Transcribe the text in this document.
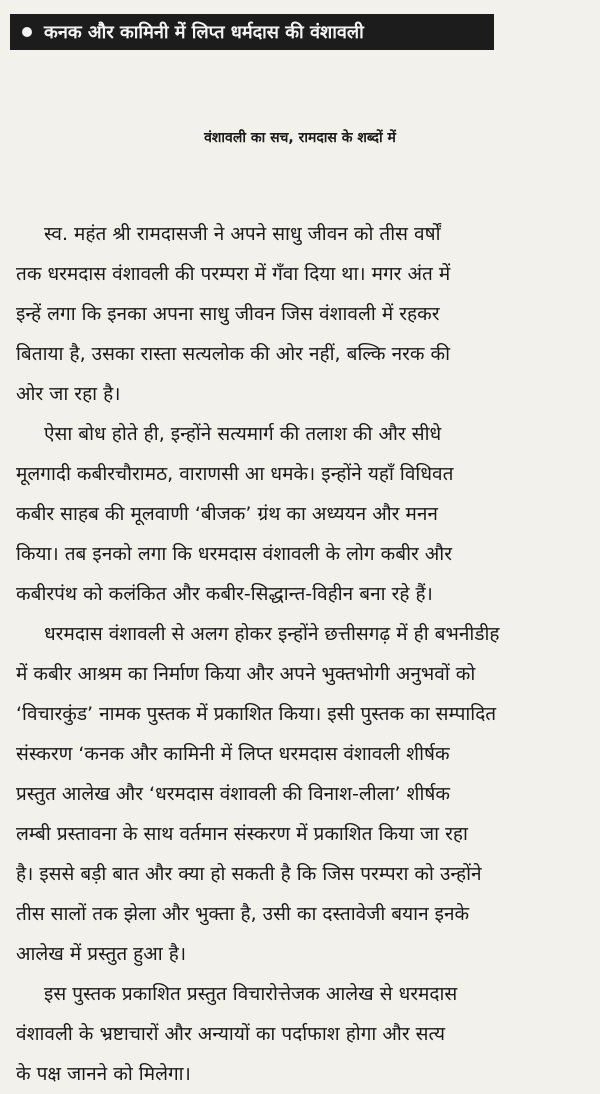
कनक और कामिनी में लिप्त धर्मदास की वंशावली
वंशावली का सच, रामदास के शब्दों में
स्व. महंत श्री रामदासजी ने अपने साधु जीवन को तीस वर्षों
तक धरमदास वंशावली की परम्परा में गँवा दिया था। मगर अंत में
इन्हें लगा कि इनका अपना साधु जीवन जिस वंशावली में रहकर
बिताया है, उसका रास्ता सत्यलोक की ओर नहीं, बल्कि नरक की
ओर जा रहा है।
ऐसा बोध होते ही, इन्होंने सत्यमार्ग की तलाश की और सीधे
मूलगादी कबीरचौरामठ, वाराणसी आ धमके। इन्होंने यहाँ विधिवत
कबीर साहब की मूलवाणी ‘बीजक’ ग्रंथ का अध्ययन और मनन
किया। तब इनको लगा कि धरमदास वंशावली के लोग कबीर और
कबीरपंथ को कलंकित और कबीर-सिद्धान्त-विहीन बना रहे हैं।
धरमदास वंशावली से अलग होकर इन्होंने छत्तीसगढ़ में ही बभनीडीह
में कबीर आश्रम का निर्माण किया और अपने भुक्तभोगी अनुभवों को
‘विचारकुंड’ नामक पुस्तक में प्रकाशित किया। इसी पुस्तक का सम्पादित
संस्करण ‘कनक और कामिनी में लिप्त धरमदास वंशावली शीर्षक
प्रस्तुत आलेख और ‘धरमदास वंशावली की विनाश-लीला’ शीर्षक
लम्बी प्रस्तावना के साथ वर्तमान संस्करण में प्रकाशित किया जा रहा
है। इससे बड़ी बात और क्या हो सकती है कि जिस परम्परा को उन्होंने
तीस सालों तक झेला और भुक्ता है, उसी का दस्तावेजी बयान इनके
आलेख में प्रस्तुत हुआ है।
इस पुस्तक प्रकाशित प्रस्तुत विचारोत्तेजक आलेख से धरमदास
वंशावली के भ्रष्टाचारों और अन्यायों का पर्दाफाश होगा और सत्य
के पक्ष जानने को मिलेगा।
